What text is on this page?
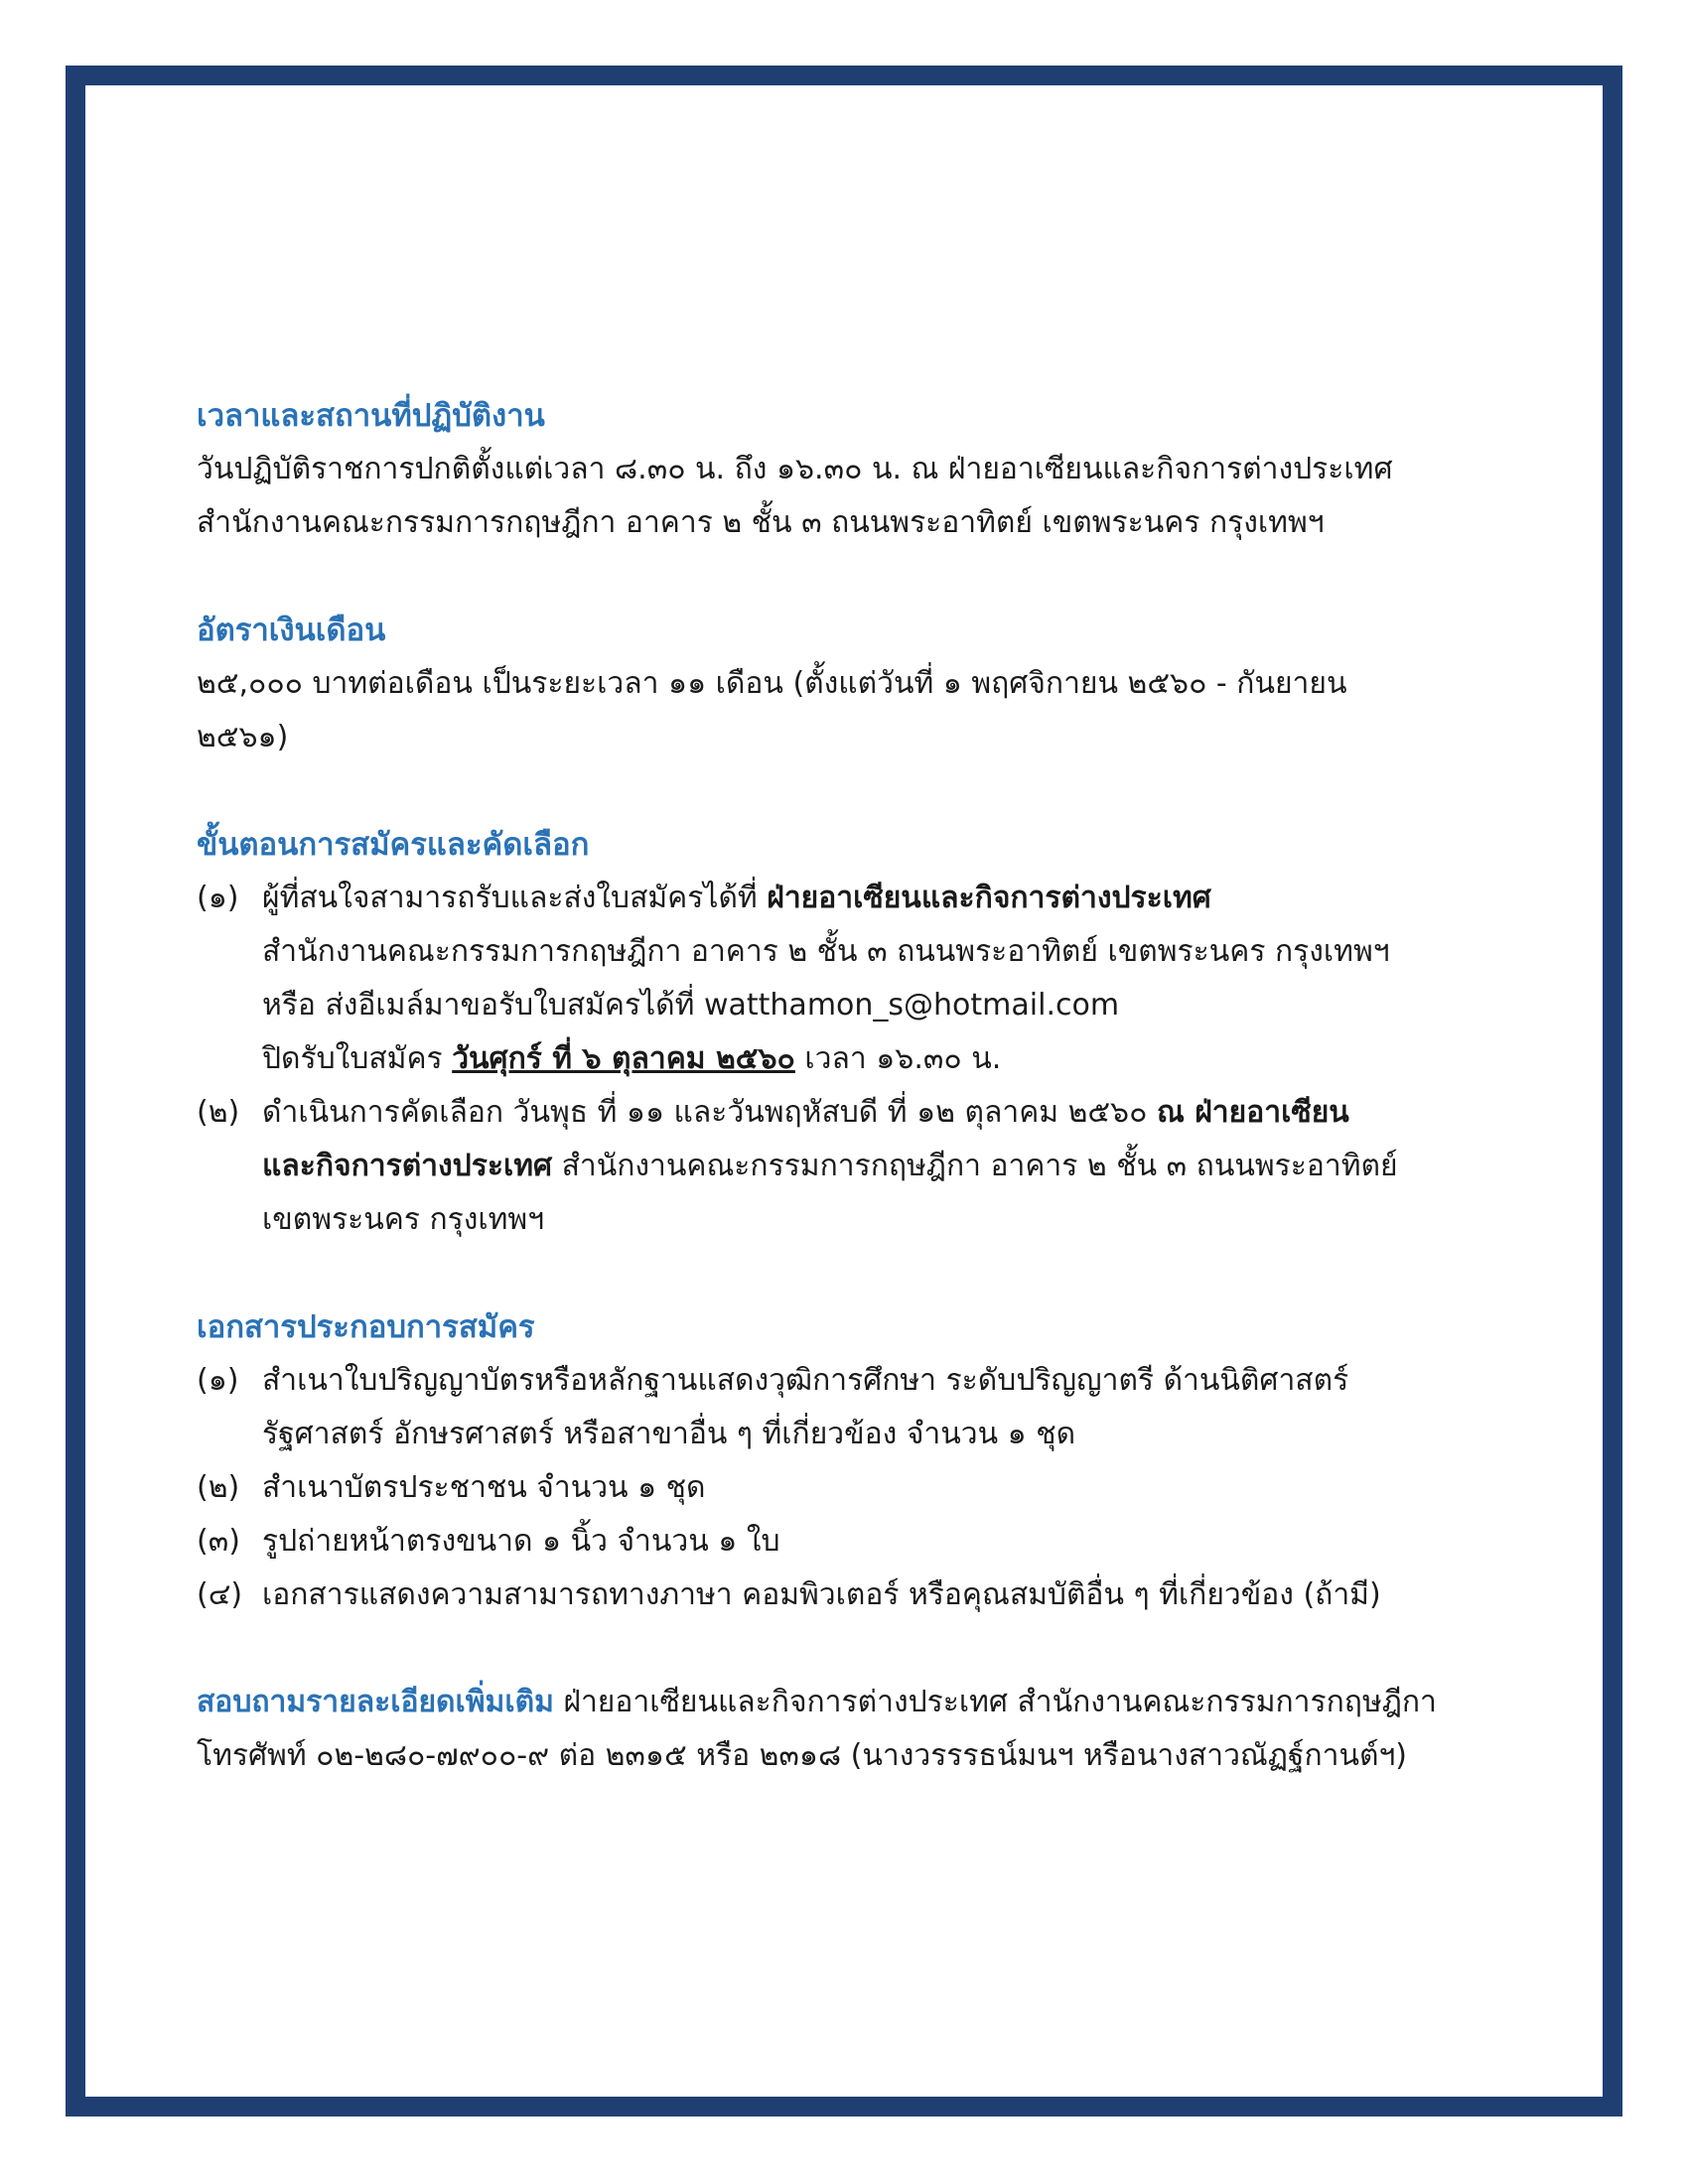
เวลาและสถานที่ปฏิบัติงาน

วันปฏิบัติราชการปกติตั้งแต่เวลา ๘.๓๐ น. ถึง ๑๖.๓๐ น. ณ ฝ่ายอาเซียนและกิจการต่างประเทศ

สำนักงานคณะกรรมการกฤษฎีกา อาคาร ๒ ชั้น ๓ ถนนพระอาทิตย์ เขตพระนคร กรุงเทพฯ

อัตราเงินเดือน

๒๕,๐๐๐ บาทต่อเดือน เป็นระยะเวลา ๑๑ เดือน (ตั้งแต่วันที่ ๑ พฤศจิกายน ๒๕๖๐ - กันยายน

๒๕๖๑)

ขั้นตอนการสมัครและคัดเลือก
(๑) ผู้ที่สนใจสามารถรับและส่งใบสมัครได้ที่ ฝ่ายอาเซียนและกิจการต่างประเทศ
สำนักงานคณะกรรมการกฤษฎีกา อาคาร ๒ ชั้น ๓ ถนนพระอาทิตย์ เขตพระนคร กรุงเทพฯ
หรือ ส่งอีเมล์มาขอรับใบสมัครได้ที่ watthamon_s@hotmail.com
ปิดรับใบสมัคร วันศุกร์ ที่ ๖ ตุลาคม ๒๕๖๐ เวลา ๑๖.๓๐ น.
(๒) ดำเนินการคัดเลือก วันพุธ ที่ ๑๑ และวันพฤหัสบดี ที่ ๑๒ ตุลาคม ๒๕๖๐ ณ ฝ่ายอาเซียน
และกิจการต่างประเทศ สำนักงานคณะกรรมการกฤษฎีกา อาคาร ๒ ชั้น ๓ ถนนพระอาทิตย์
เขตพระนคร กรุงเทพฯ
เอกสารประกอบการสมัคร
(๑) สำเนาใบปริญญาบัตรหรือหลักฐานแสดงวุฒิการศึกษา ระดับปริญญาตรี ด้านนิติศาสตร์
รัฐศาสตร์ อักษรศาสตร์ หรือสาขาอื่น ๆ ที่เกี่ยวข้อง จำนวน ๑ ชุด
(๒) สำเนาบัตรประชาชน จำนวน ๑ ชุด
(๓) รูปถ่ายหน้าตรงขนาด ๑ นิ้ว จำนวน ๑ ใบ
(๔) เอกสารแสดงความสามารถทางภาษา คอมพิวเตอร์ หรือคุณสมบัติอื่น ๆ ที่เกี่ยวข้อง (ถ้ามี)

สอบถามรายละเอียดเพิ่มเติม ฝ่ายอาเซียนและกิจการต่างประเทศ สำนักงานคณะกรรมการกฤษฎีกา

โทรศัพท์ ๐๒-๒๘๐-๗๙๐๐-๙ ต่อ ๒๓๑๕ หรือ ๒๓๑๘ (นางวรรรธน์มนฯ หรือนางสาวณัฏฐ์กานต์ฯ)
